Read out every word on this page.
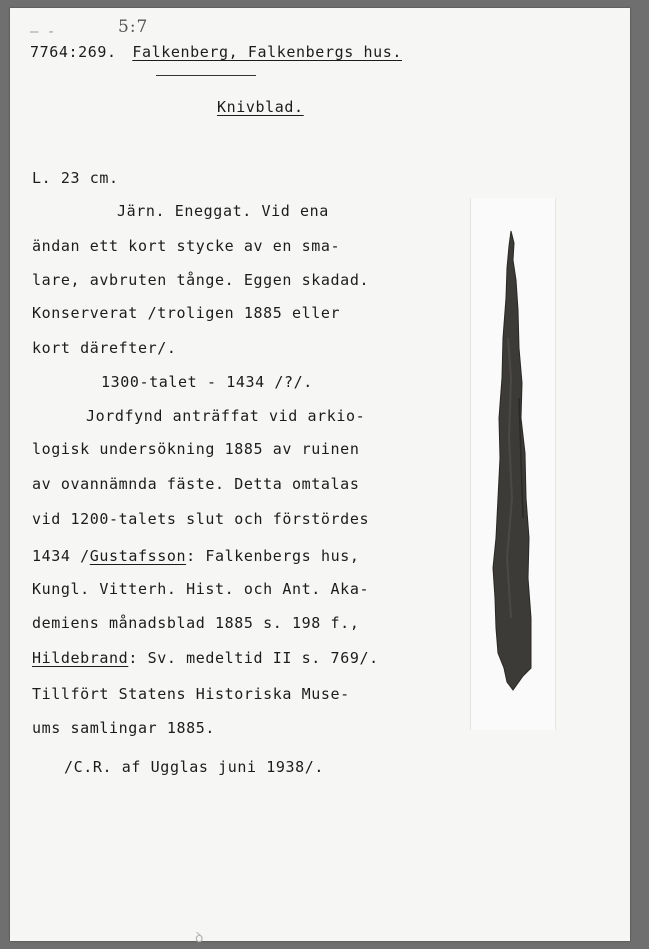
— -	5:7
7764:269. Falkenberg, Falkenbergs hus.
Knivblad.
L. 23 cm.
Järn. Eneggat. Vid ena
ändan ett kort stycke av en sma-
lare, avbruten tånge. Eggen skadad.
Konserverat /troligen 1885 eller
kort därefter/.
1300-talet - 1434 /?/.
Jordfynd anträffat vid arkio-
logisk undersökning 1885 av ruinen
av ovannämnda fäste. Detta omtalas
vid 1200-talets slut och förstördes
1434 /Gustafsson: Falkenbergs hus,
Kungl. Vitterh. Hist. och Ant. Aka-
demiens månadsblad 1885 s. 198 f.,
Hildebrand: Sv. medeltid II s. 769/.
Tillfört Statens Historiska Muse-
ums samlingar 1885.
/C.R. af Ugglas juni 1938/.
ꝺ
